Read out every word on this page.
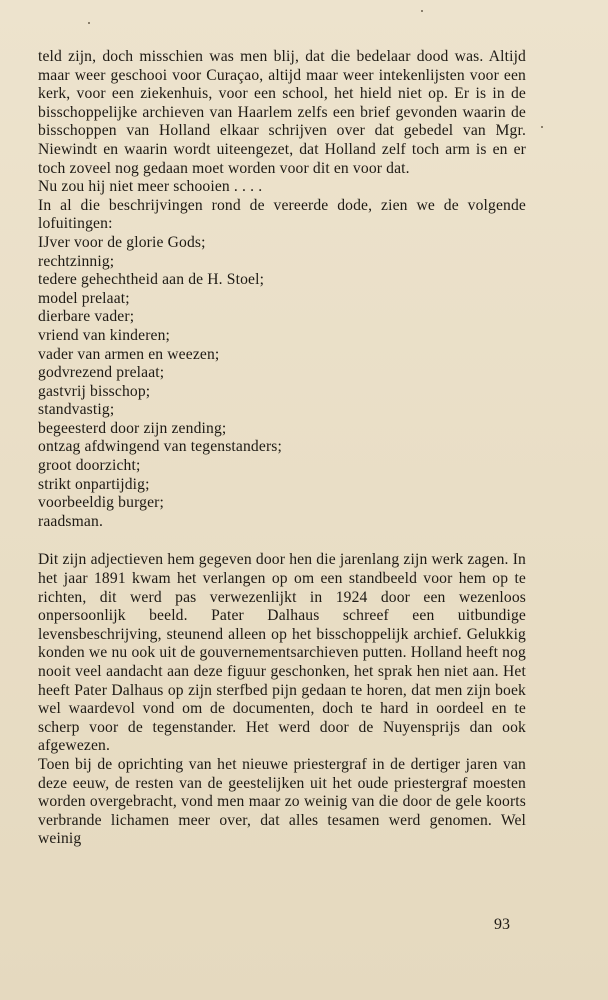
teld zijn, doch misschien was men blij, dat die bedelaar dood was. Altijd maar weer geschooi voor Curaçao, altijd maar weer intekenlijsten voor een kerk, voor een ziekenhuis, voor een school, het hield niet op. Er is in de bisschoppelijke archieven van Haarlem zelfs een brief gevonden waarin de bisschoppen van Holland elkaar schrijven over dat gebedel van Mgr. Niewindt en waarin wordt uiteengezet, dat Holland zelf toch arm is en er toch zoveel nog gedaan moet worden voor dit en voor dat.

Nu zou hij niet meer schooien . . . .

In al die beschrijvingen rond de vereerde dode, zien we de volgende lofuitingen:

IJver voor de glorie Gods;
rechtzinnig;
tedere gehechtheid aan de H. Stoel;
model prelaat;
dierbare vader;
vriend van kinderen;
vader van armen en weezen;
godvrezend prelaat;
gastvrij bisschop;
standvastig;
begeesterd door zijn zending;
ontzag afdwingend van tegenstanders;
groot doorzicht;
strikt onpartijdig;
voorbeeldig burger;
raadsman.

Dit zijn adjectieven hem gegeven door hen die jarenlang zijn werk zagen. In het jaar 1891 kwam het verlangen op om een standbeeld voor hem op te richten, dit werd pas verwezenlijkt in 1924 door een wezenloos onpersoonlijk beeld. Pater Dalhaus schreef een uitbundige levensbeschrijving, steunend alleen op het bisschoppelijk archief. Gelukkig konden we nu ook uit de gouvernementsarchieven putten. Holland heeft nog nooit veel aandacht aan deze figuur geschonken, het sprak hen niet aan. Het heeft Pater Dalhaus op zijn sterfbed pijn gedaan te horen, dat men zijn boek wel waardevol vond om de documenten, doch te hard in oordeel en te scherp voor de tegenstander. Het werd door de Nuyensprijs dan ook afgewezen.

Toen bij de oprichting van het nieuwe priestergraf in de dertiger jaren van deze eeuw, de resten van de geestelijken uit het oude priestergraf moesten worden overgebracht, vond men maar zo weinig van die door de gele koorts verbrande lichamen meer over, dat alles tesamen werd genomen. Wel weinig

93
